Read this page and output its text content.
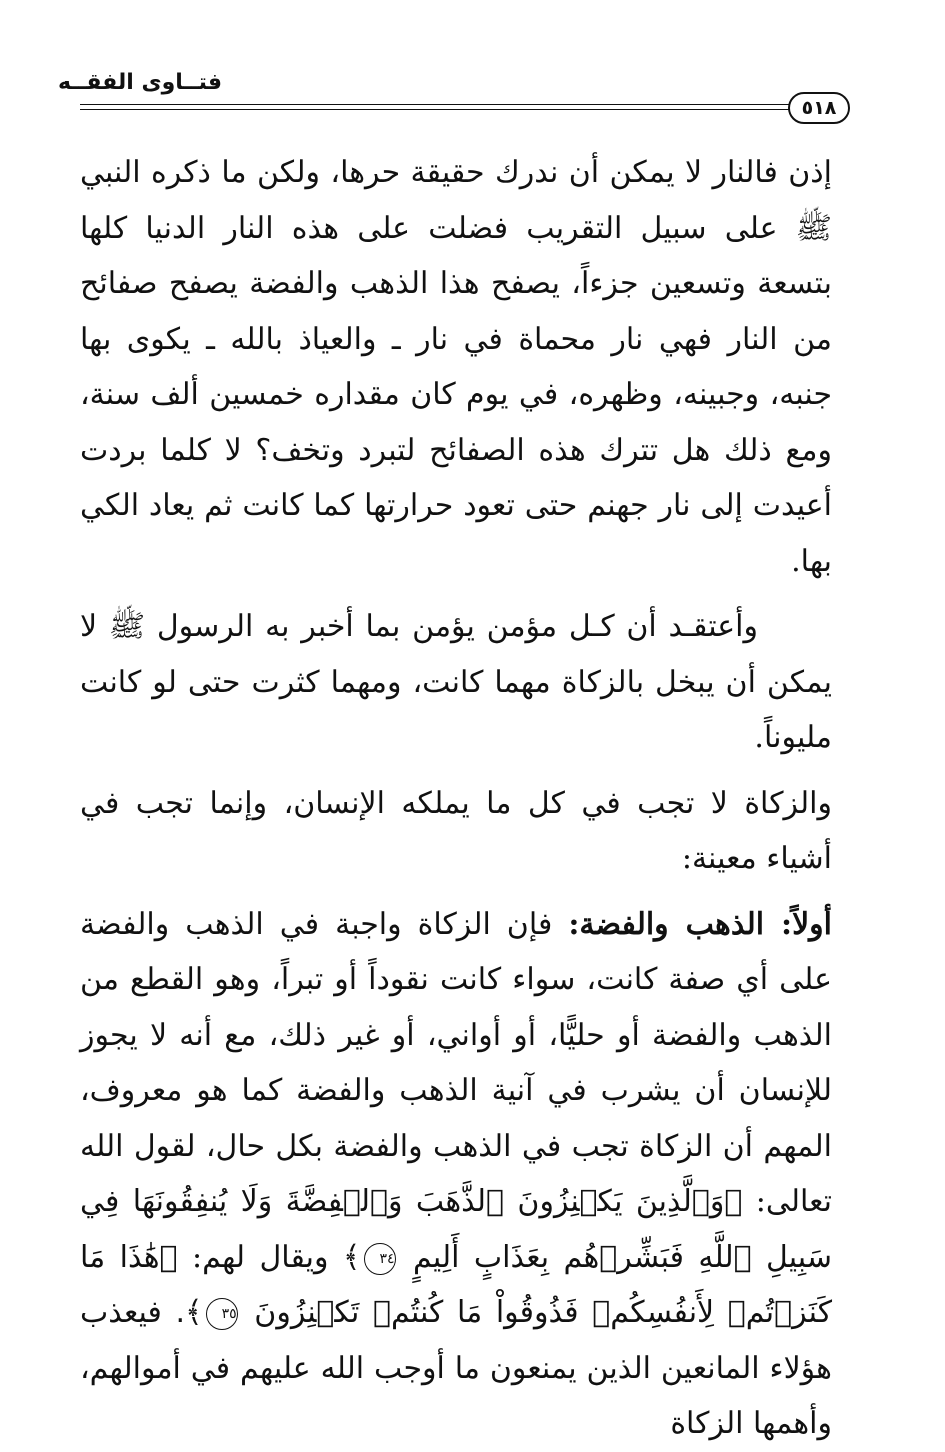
فتــاوى الفقــه
٥١٨

إذن فالنار لا يمكن أن ندرك حقيقة حرها، ولكن ما ذكره النبي ﷺ على سبيل التقريب فضلت على هذه النار الدنيا كلها بتسعة وتسعين جزءاً، يصفح هذا الذهب والفضة يصفح صفائح من النار فهي نار محماة في نار ـ والعياذ بالله ـ يكوى بها جنبه، وجبينه، وظهره، في يوم كان مقداره خمسين ألف سنة، ومع ذلك هل تترك هذه الصفائح لتبرد وتخف؟ لا كلما بردت أعيدت إلى نار جهنم حتى تعود حرارتها كما كانت ثم يعاد الكي بها.

وأعتقـد أن كـل مؤمن يؤمن بما أخبر به الرسول ﷺ لا يمكن أن يبخل بالزكاة مهما كانت، ومهما كثرت حتى لو كانت مليوناً.

والزكاة لا تجب في كل ما يملكه الإنسان، وإنما تجب في أشياء معينة:

أولاً: الذهب والفضة: فإن الزكاة واجبة في الذهب والفضة على أي صفة كانت، سواء كانت نقوداً أو تبراً، وهو القطع من الذهب والفضة أو حليًّا، أو أواني، أو غير ذلك، مع أنه لا يجوز للإنسان أن يشرب في آنية الذهب والفضة كما هو معروف، المهم أن الزكاة تجب في الذهب والفضة بكل حال، لقول الله تعالى: ﴿وَٱلَّذِينَ يَكۡنِزُونَ ٱلذَّهَبَ وَٱلۡفِضَّةَ وَلَا يُنفِقُونَهَا فِي سَبِيلِ ٱللَّهِ فَبَشِّرۡهُم بِعَذَابٍ أَلِيمٍ ٣٤﴾ ويقال لهم: ﴿هَٰذَا مَا كَنَزۡتُمۡ لِأَنفُسِكُمۡ فَذُوقُواْ مَا كُنتُمۡ تَكۡنِزُونَ ٣٥﴾. فيعذب هؤلاء المانعين الذين يمنعون ما أوجب الله عليهم في أموالهم، وأهمها الزكاة
